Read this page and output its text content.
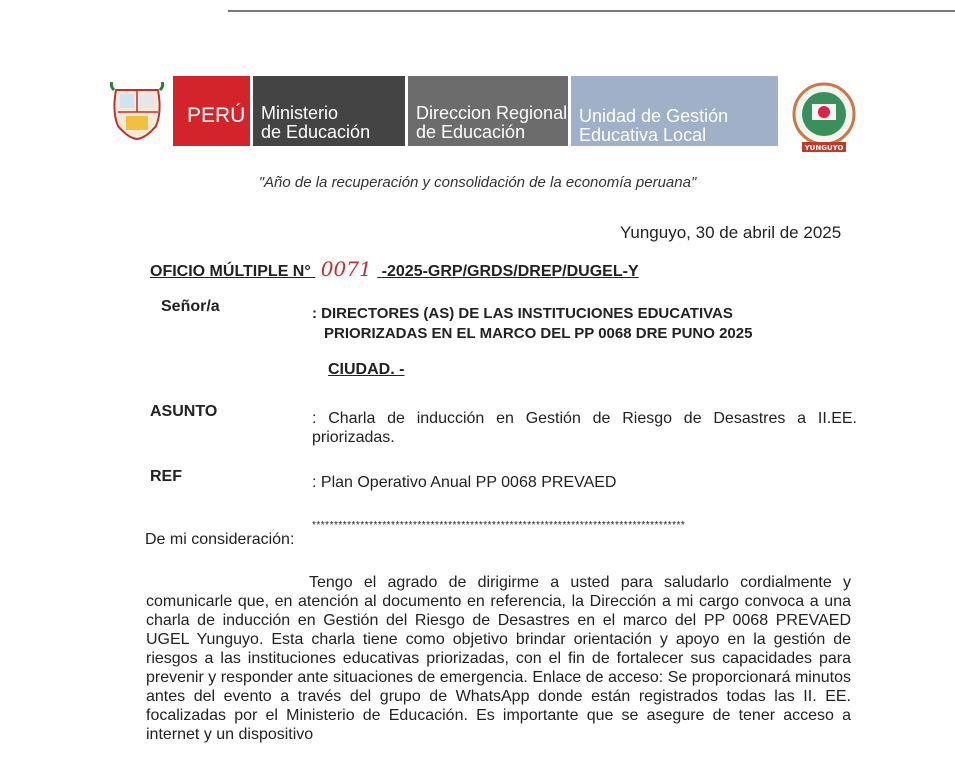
PERÚ Ministerio
de Educación
Direccion Regional
de Educación
Unidad de Gestión
Educativa Local Yunguyo	YUNGUYO
"Año de la recuperación y consolidación de la economía peruana"
Yunguyo, 30 de abril de 2025
OFICIO MÚLTIPLE N° 0071 -2025-GRP/GRDS/DREP/DUGEL-Y
Señor/a	: DIRECTORES (AS) DE LAS INSTITUCIONES EDUCATIVAS
PRIORIZADAS EN EL MARCO DEL PP 0068 DRE PUNO 2025
CIUDAD. -
ASUNTO	: Charla de inducción en Gestión de Riesgo de Desastres a II.EE. priorizadas.
REF	: Plan Operativo Anual PP 0068 PREVAED
*************************************************************************************
De mi consideración:

Tengo el agrado de dirigirme a usted para saludarlo cordialmente y comunicarle que, en atención al documento en referencia, la Dirección a mi cargo convoca a una charla de inducción en Gestión del Riesgo de Desastres en el marco del PP 0068 PREVAED UGEL Yunguyo. Esta charla tiene como objetivo brindar orientación y apoyo en la gestión de riesgos a las instituciones educativas priorizadas, con el fin de fortalecer sus capacidades para prevenir y responder ante situaciones de emergencia. Enlace de acceso: Se proporcionará minutos antes del evento a través del grupo de WhatsApp donde están registrados todas las II. EE. focalizadas por el Ministerio de Educación. Es importante que se asegure de tener acceso a internet y un dispositivo
